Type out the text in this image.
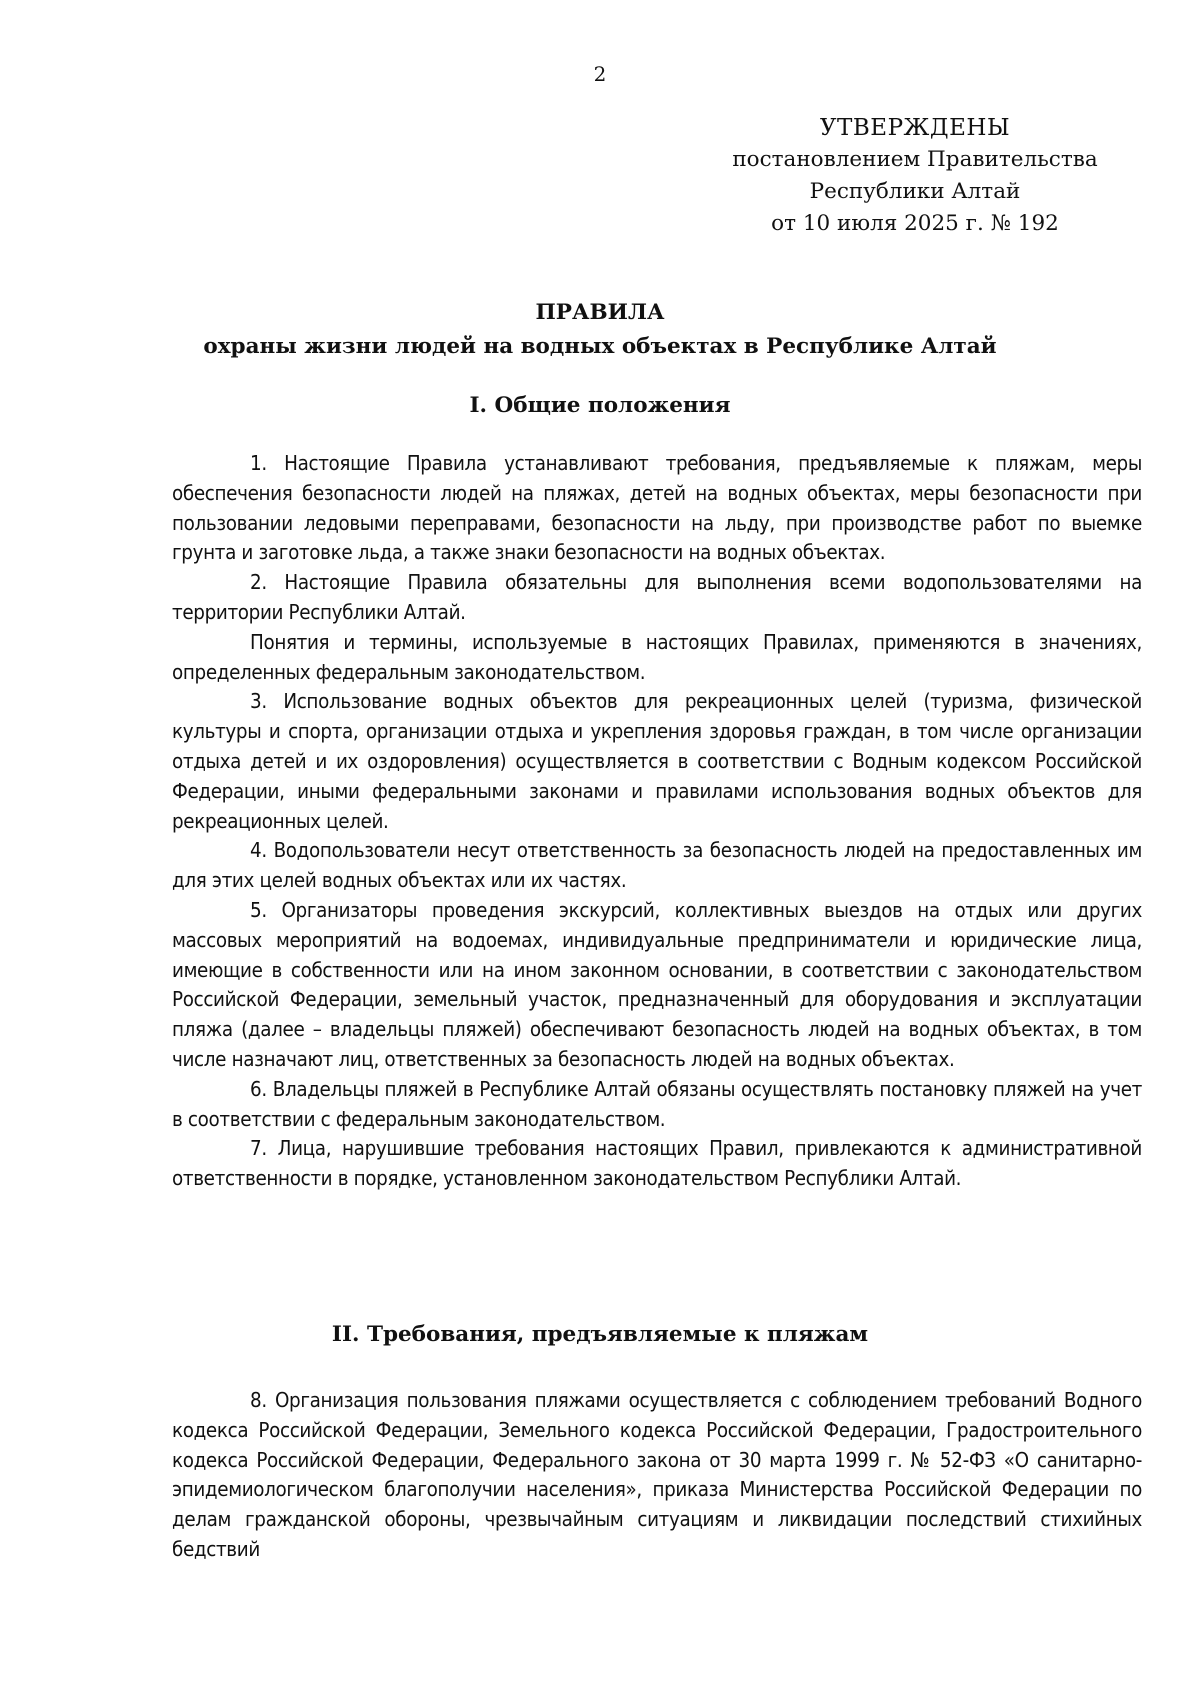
2
УТВЕРЖДЕНЫ
постановлением Правительства
Республики Алтай
от 10 июля 2025 г. № 192
ПРАВИЛА
охраны жизни людей на водных объектах в Республике Алтай
I. Общие положения

1. Настоящие Правила устанавливают требования, предъявляемые к пляжам, меры обеспечения безопасности людей на пляжах, детей на водных объектах, меры безопасности при пользовании ледовыми переправами, безопасности на льду, при производстве работ по выемке грунта и заготовке льда, а также знаки безопасности на водных объектах.

2. Настоящие Правила обязательны для выполнения всеми водопользователями на территории Республики Алтай.

Понятия и термины, используемые в настоящих Правилах, применяются в значениях, определенных федеральным законодательством.

3. Использование водных объектов для рекреационных целей (туризма, физической культуры и спорта, организации отдыха и укрепления здоровья граждан, в том числе организации отдыха детей и их оздоровления) осуществляется в соответствии с Водным кодексом Российской Федерации, иными федеральными законами и правилами использования водных объектов для рекреационных целей.

4. Водопользователи несут ответственность за безопасность людей на предоставленных им для этих целей водных объектах или их частях.

5. Организаторы проведения экскурсий, коллективных выездов на отдых или других массовых мероприятий на водоемах, индивидуальные предприниматели и юридические лица, имеющие в собственности или на ином законном основании, в соответствии с законодательством Российской Федерации, земельный участок, предназначенный для оборудования и эксплуатации пляжа (далее – владельцы пляжей) обеспечивают безопасность людей на водных объектах, в том числе назначают лиц, ответственных за безопасность людей на водных объектах.

6. Владельцы пляжей в Республике Алтай обязаны осуществлять постановку пляжей на учет в соответствии с федеральным законодательством.

7. Лица, нарушившие требования настоящих Правил, привлекаются к административной ответственности в порядке, установленном законодательством Республики Алтай.

II. Требования, предъявляемые к пляжам

8. Организация пользования пляжами осуществляется с соблюдением требований Водного кодекса Российской Федерации, Земельного кодекса Российской Федерации, Градостроительного кодекса Российской Федерации, Федерального закона от 30 марта 1999 г. № 52-ФЗ «О санитарно-эпидемиологическом благополучии населения», приказа Министерства Российской Федерации по делам гражданской обороны, чрезвычайным ситуациям и ликвидации последствий стихийных бедствий
